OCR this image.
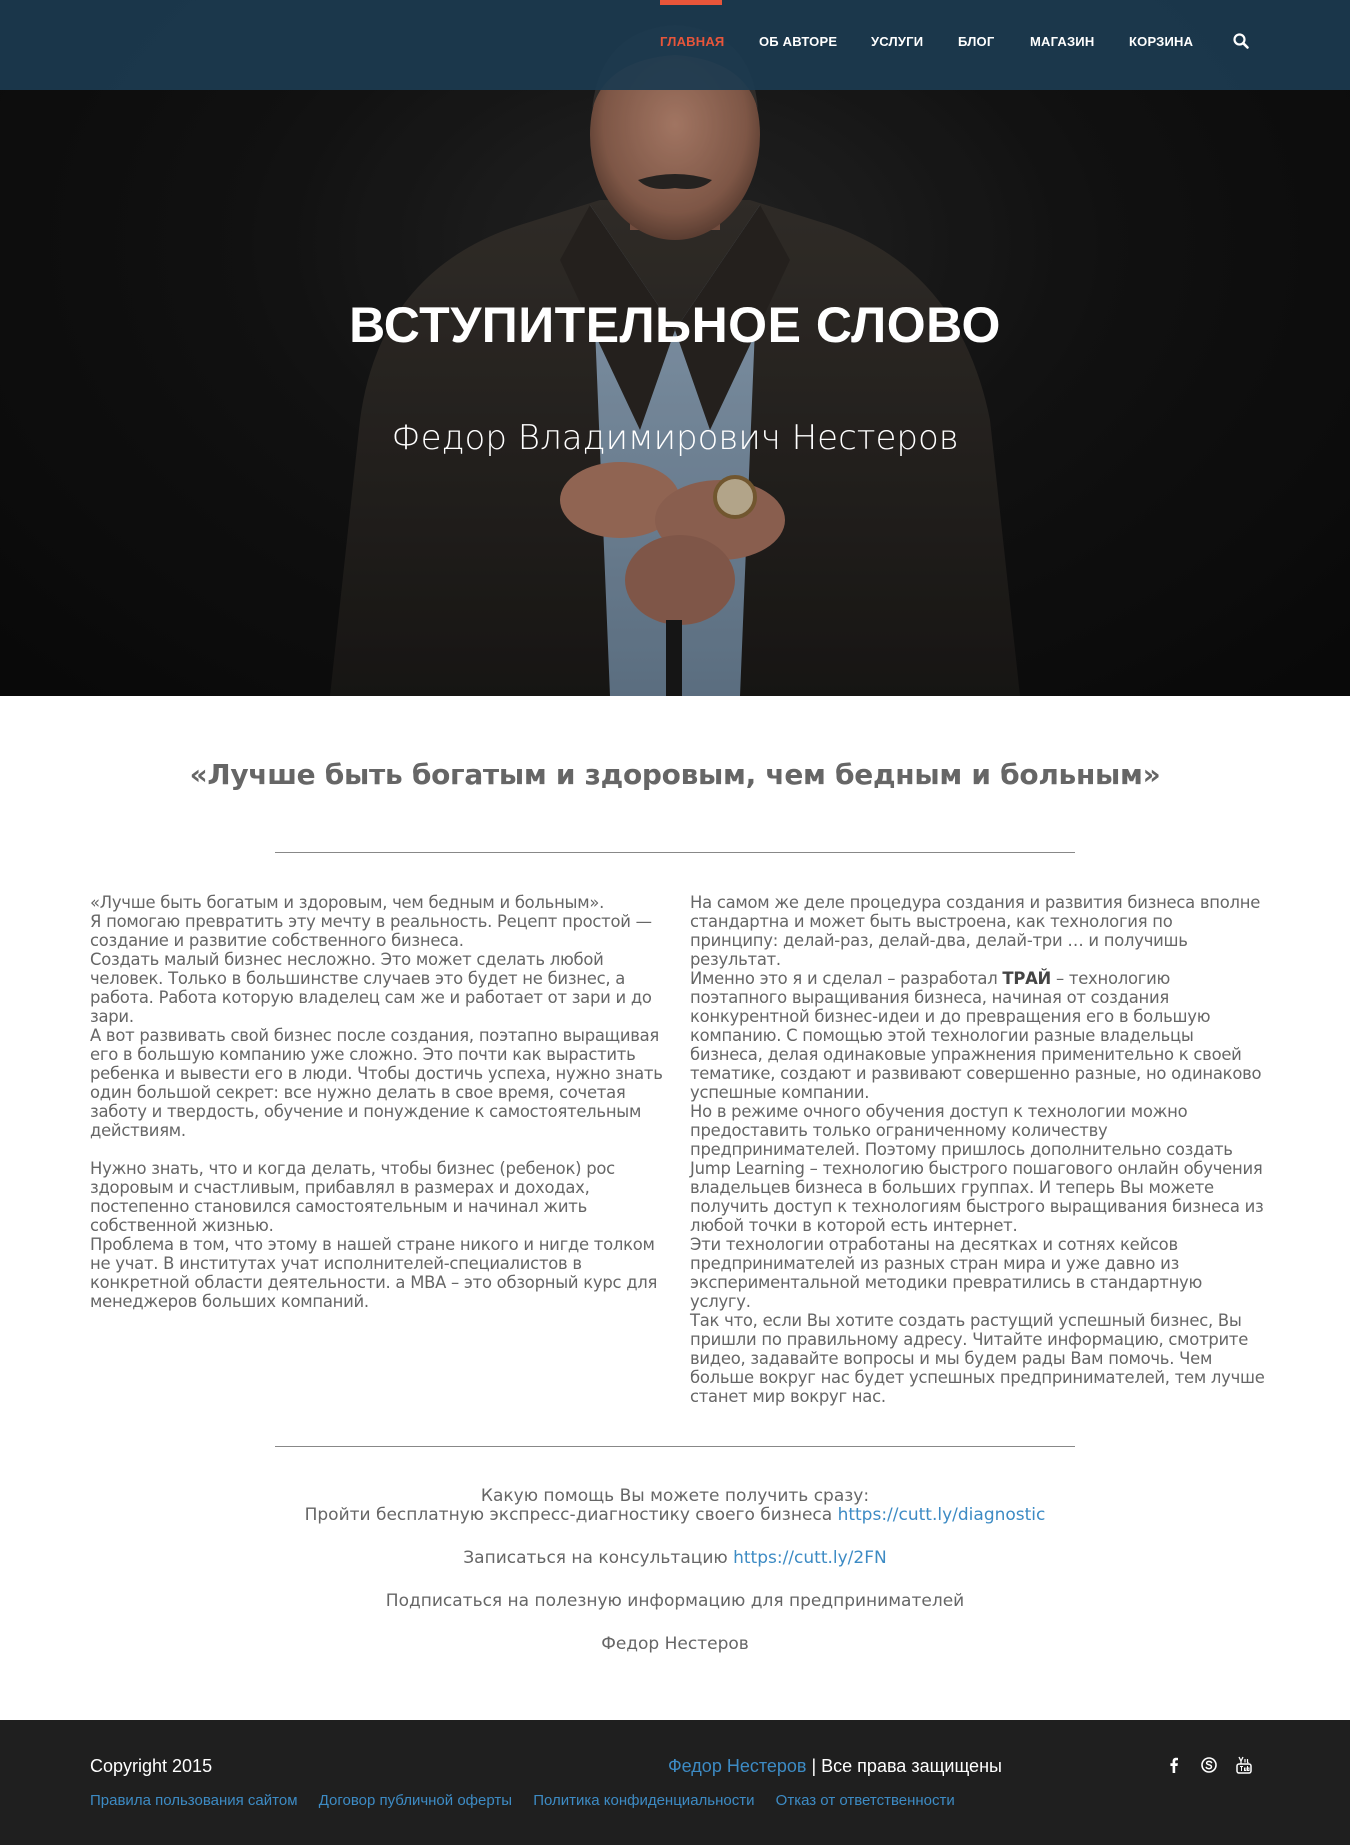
ВСТУПИТЕЛЬНОЕ СЛОВО
Федор Владимирович Нестеров
ГЛАВНАЯ	ОБ АВТОРЕ	УСЛУГИ	БЛОГ	МАГАЗИН	КОРЗИНА
«Лучше быть богатым и здоровым, чем бедным и больным»

«Лучше быть богатым и здоровым, чем бедным и больным».

Я помогаю превратить эту мечту в реальность. Рецепт простой — создание и развитие собственного бизнеса.

Создать малый бизнес несложно. Это может сделать любой человек. Только в большинстве случаев это будет не бизнес, а работа. Работа которую владелец сам же и работает от зари и до зари.

А вот развивать свой бизнес после создания, поэтапно выращивая его в большую компанию уже сложно. Это почти как вырастить ребенка и вывести его в люди. Чтобы достичь успеха, нужно знать один большой секрет: все нужно делать в свое время, сочетая заботу и твердость, обучение и понуждение к самостоятельным действиям.

Нужно знать, что и когда делать, чтобы бизнес (ребенок) рос здоровым и счастливым, прибавлял в размерах и доходах, постепенно становился самостоятельным и начинал жить собственной жизнью.

Проблема в том, что этому в нашей стране никого и нигде толком не учат. В институтах учат исполнителей-специалистов в конкретной области деятельности. а MBA – это обзорный курс для менеджеров больших компаний.

На самом же деле процедура создания и развития бизнеса вполне стандартна и может быть выстроена, как технология по принципу: делай-раз, делай-два, делай-три … и получишь результат.

Именно это я и сделал – разработал ТРАЙ – технологию поэтапного выращивания бизнеса, начиная от создания конкурентной бизнес-идеи и до превращения его в большую компанию. С помощью этой технологии разные владельцы бизнеса, делая одинаковые упражнения применительно к своей тематике, создают и развивают совершенно разные, но одинаково успешные компании.

Но в режиме очного обучения доступ к технологии можно предоставить только ограниченному количеству предпринимателей. Поэтому пришлось дополнительно создать Jump Learning – технологию быстрого пошагового онлайн обучения владельцев бизнеса в больших группах. И теперь Вы можете получить доступ к технологиям быстрого выращивания бизнеса из любой точки в которой есть интернет.

Эти технологии отработаны на десятках и сотнях кейсов предпринимателей из разных стран мира и уже давно из экспериментальной методики превратились в стандартную услугу.

Так что, если Вы хотите создать растущий успешный бизнес, Вы пришли по правильному адресу. Читайте информацию, смотрите видео, задавайте вопросы и мы будем рады Вам помочь. Чем больше вокруг нас будет успешных предпринимателей, тем лучше станет мир вокруг нас.

Какую помощь Вы можете получить сразу:

Пройти бесплатную экспресс-диагностику своего бизнеса https://cutt.ly/diagnostic

Записаться на консультацию https://cutt.ly/2FN

Подписаться на полезную информацию для предпринимателей

Федор Нестеров

Copyright 2015	Федор Нестеров | Все права защищены
Правила пользования сайтом Договор публичной оферты Политика конфиденциальности Отказ от ответственности
